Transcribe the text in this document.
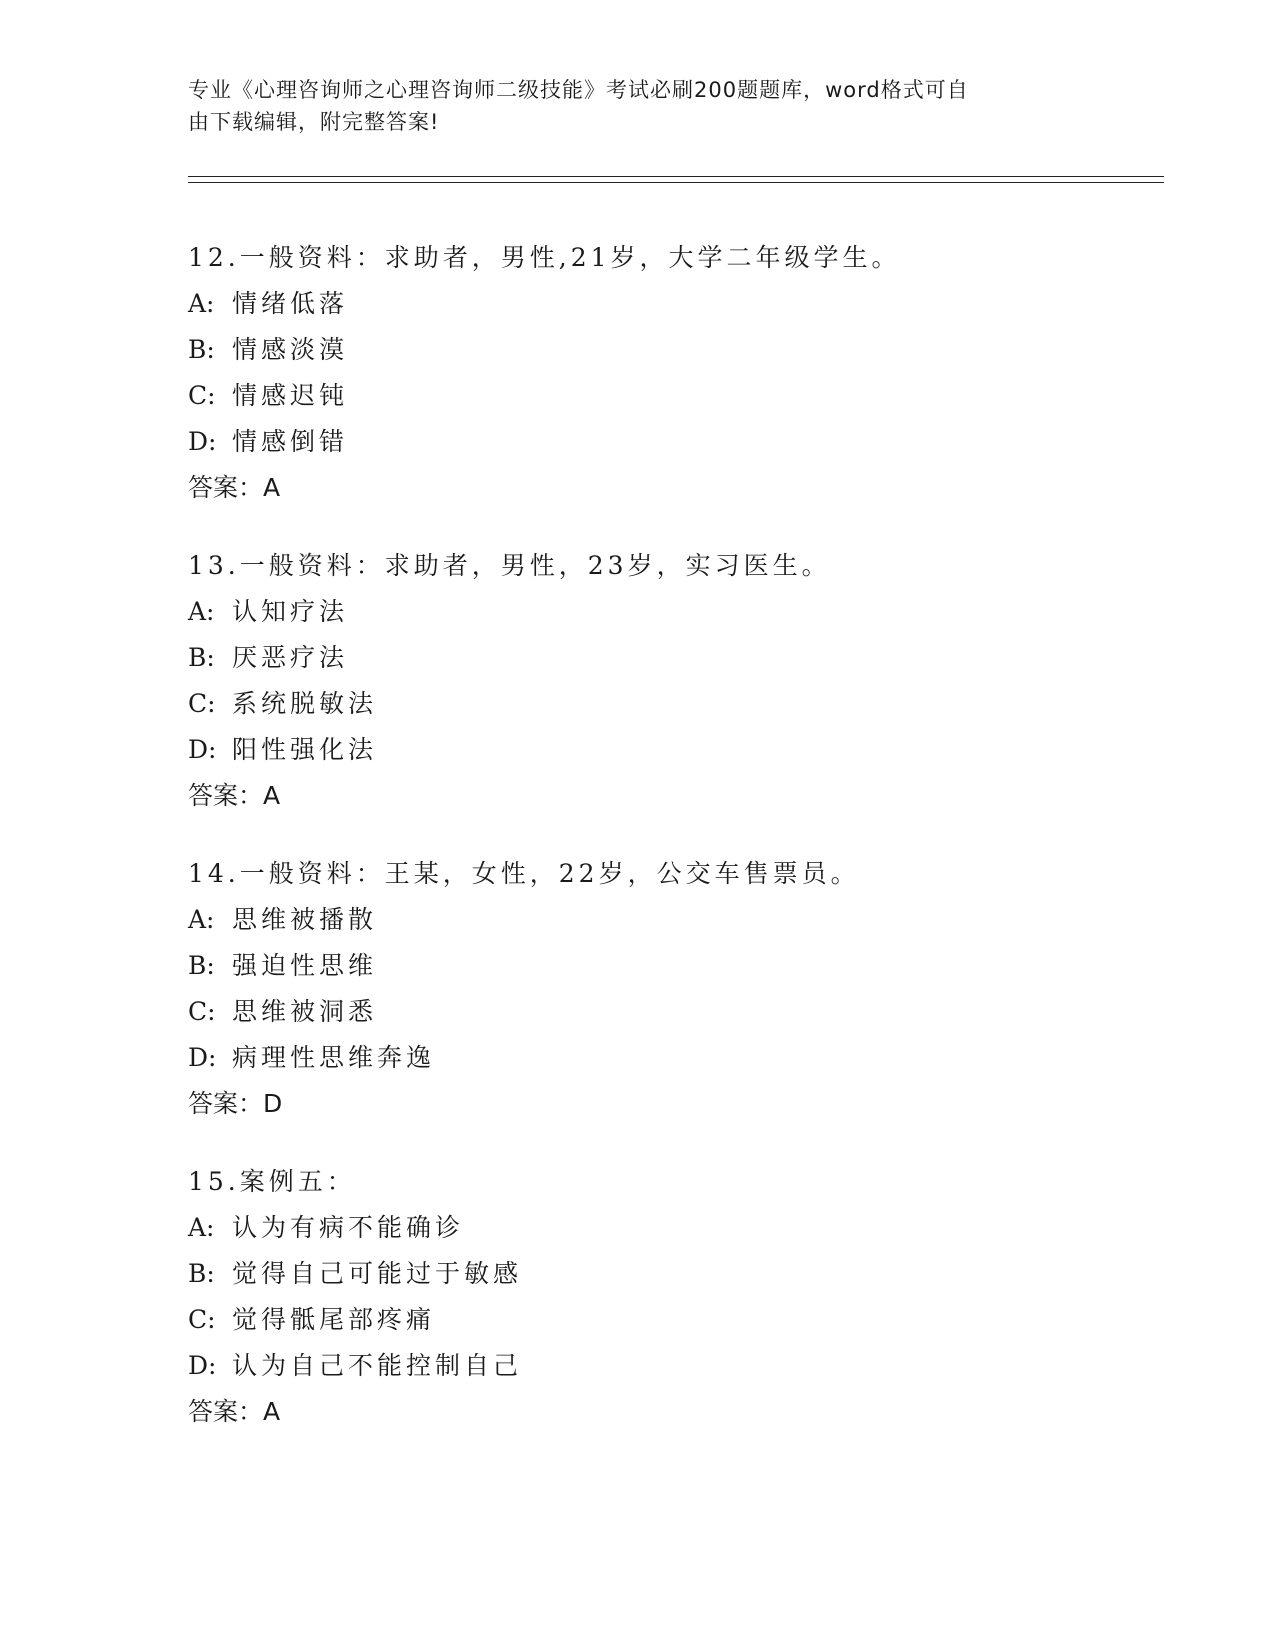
专业《心理咨询师之心理咨询师二级技能》考试必刷200题题库，word格式可自
由下载编辑，附完整答案!
12.一般资料：求助者，男性,21岁，大学二年级学生。
A: 情绪低落
B: 情感淡漠
C: 情感迟钝
D: 情感倒错
答案：A
13.一般资料：求助者，男性，23岁，实习医生。
A: 认知疗法
B: 厌恶疗法
C: 系统脱敏法
D: 阳性强化法
答案：A
14.一般资料：王某，女性，22岁，公交车售票员。
A: 思维被播散
B: 强迫性思维
C: 思维被洞悉
D: 病理性思维奔逸
答案：D
15.案例五：
A: 认为有病不能确诊
B: 觉得自己可能过于敏感
C: 觉得骶尾部疼痛
D: 认为自己不能控制自己
答案：A
